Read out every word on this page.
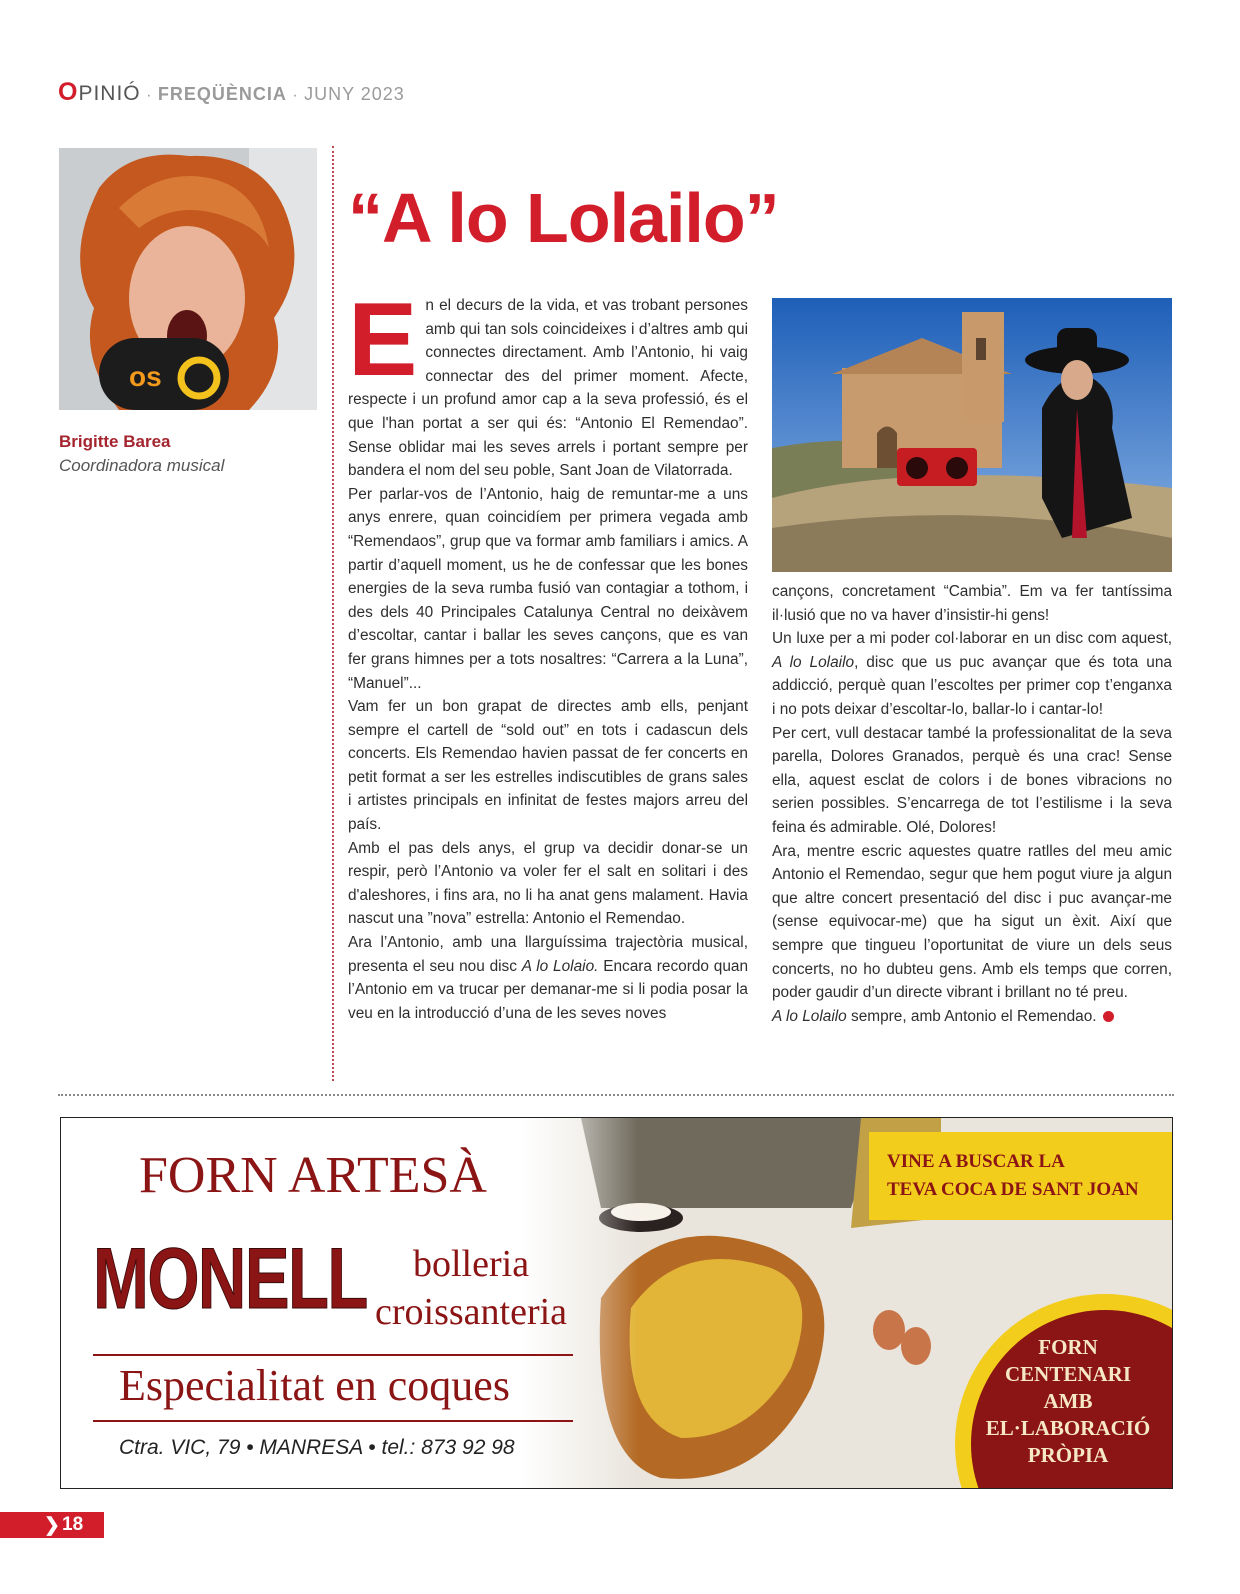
OPINIÓ · FREQÜÈNCIA · JUNY 2023
os
Brigitte Barea
Coordinadora musical
“A lo Lolailo”

En el decurs de la vida, et vas trobant persones amb qui tan sols coincideixes i d’altres amb qui connectes directament. Amb l’Antonio, hi vaig connectar des del primer moment. Afecte, respecte i un profund amor cap a la seva professió, és el que l'han portat a ser qui és: “Antonio El Remendao”. Sense oblidar mai les seves arrels i portant sempre per bandera el nom del seu poble, Sant Joan de Vilatorrada.

Per parlar-vos de l’Antonio, haig de remuntar-me a uns anys enrere, quan coincidíem per primera vegada amb “Remendaos”, grup que va formar amb familiars i amics. A partir d’aquell moment, us he de confessar que les bones energies de la seva rumba fusió van contagiar a tothom, i des dels 40 Principales Catalunya Central no deixàvem d’escoltar, cantar i ballar les seves cançons, que es van fer grans himnes per a tots nosaltres: “Carrera a la Luna”, “Manuel”...

Vam fer un bon grapat de directes amb ells, penjant sempre el cartell de “sold out” en tots i cadascun dels concerts. Els Remendao havien passat de fer concerts en petit format a ser les estrelles indiscutibles de grans sales i artistes principals en infinitat de festes majors arreu del país.

Amb el pas dels anys, el grup va decidir donar-se un respir, però l’Antonio va voler fer el salt en solitari i des d'aleshores, i fins ara, no li ha anat gens malament. Havia nascut una ”nova” estrella: Antonio el Remendao.

Ara l’Antonio, amb una llarguíssima trajectòria musical, presenta el seu nou disc A lo Lolaio. Encara recordo quan l’Antonio em va trucar per demanar-me si li podia posar la veu en la introducció d’una de les seves noves

cançons, concretament “Cambia”. Em va fer tantíssima il·lusió que no va haver d’insistir-hi gens!

Un luxe per a mi poder col·laborar en un disc com aquest, A lo Lolailo, disc que us puc avançar que és tota una addicció, perquè quan l’escoltes per primer cop t’enganxa i no pots deixar d’escoltar-lo, ballar-lo i cantar-lo!

Per cert, vull destacar també la professionalitat de la seva parella, Dolores Granados, perquè és una crac! Sense ella, aquest esclat de colors i de bones vibracions no serien possibles. S’encarrega de tot l’estilisme i la seva feina és admirable. Olé, Dolores!

Ara, mentre escric aquestes quatre ratlles del meu amic Antonio el Remendao, segur que hem pogut viure ja algun que altre concert presentació del disc i puc avançar-me (sense equivocar-me) que ha sigut un èxit. Així que sempre que tingueu l’oportunitat de viure un dels seus concerts, no ho dubteu gens. Amb els temps que corren, poder gaudir d’un directe vibrant i brillant no té preu.

A lo Lolailo sempre, amb Antonio el Remendao.

FORN ARTESÀ
MONELL bolleria
croissanteria
Especialitat en coques
Ctra. VIC, 79 • MANRESA • tel.: 873 92 98
VINE A BUSCAR LA
TEVA COCA DE SANT JOAN
FORN
CENTENARI
AMB
EL·LABORACIÓ
PRÒPIA
❯ 18
